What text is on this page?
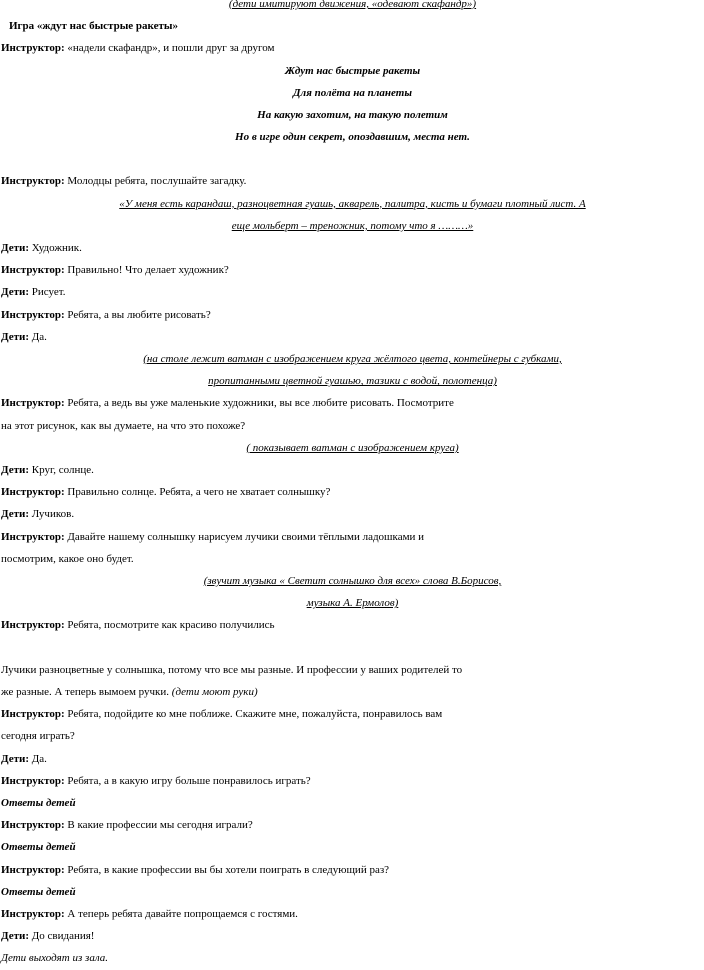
(дети имитируют движения, «одевают скафандр»)

Игра «ждут нас быстрые ракеты»

Инструктор: «надели скафандр», и пошли друг за другом

Ждут нас быстрые ракеты

Для полёта на планеты

На какую захотим, на такую полетим

Но в игре один секрет, опоздавшим, места нет.

Инструктор: Молодцы ребята, послушайте загадку.

«У меня есть карандаш, разноцветная гуашь, акварель, палитра, кисть и бумаги плотный лист. А

еще мольберт – треножник, потому что я ………»

Дети: Художник.

Инструктор: Правильно! Что делает художник?

Дети: Рисует.

Инструктор: Ребята, а вы любите рисовать?

Дети: Да.

(на столе лежит ватман с изображением круга жёлтого цвета, контейнеры с губками,

пропитанными цветной гуашью, тазики с водой, полотенца)

Инструктор: Ребята, а ведь вы уже маленькие художники, вы все любите рисовать. Посмотрите

на этот рисунок, как вы думаете, на что это похоже?

( показывает ватман с изображением круга)

Дети: Круг, солнце.

Инструктор: Правильно солнце. Ребята, а чего не хватает солнышку?

Дети: Лучиков.

Инструктор: Давайте нашему солнышку нарисуем лучики своими тёплыми ладошками и

посмотрим, какое оно будет.

(звучит музыка « Светит солнышко для всех» слова В.Борисов,

музыка А. Ермолов)

Инструктор: Ребята, посмотрите как красиво получились

Лучики разноцветные у солнышка, потому что все мы разные. И профессии у ваших родителей то

же разные. А теперь вымоем ручки. (дети моют руки)

Инструктор: Ребята, подойдите ко мне поближе. Скажите мне, пожалуйста, понравилось вам

сегодня играть?

Дети: Да.

Инструктор: Ребята, а в какую игру больше понравилось играть?

Ответы детей

Инструктор: В какие профессии мы сегодня играли?

Ответы детей

Инструктор: Ребята, в какие профессии вы бы хотели поиграть в следующий раз?

Ответы детей

Инструктор: А теперь ребята давайте попрощаемся с гостями.

Дети: До свидания!

Дети выходят из зала.
